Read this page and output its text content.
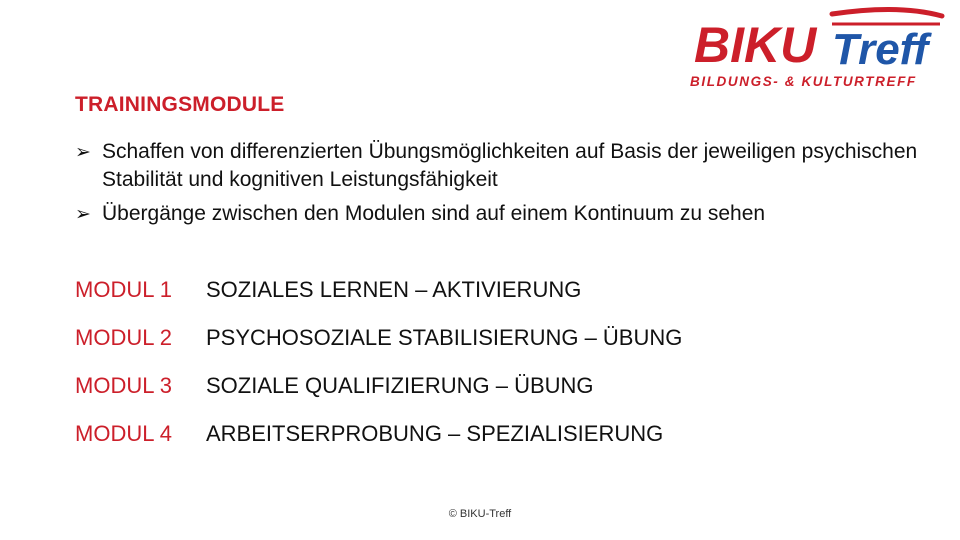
BIKU Treff
BILDUNGS- & KULTURTREFF
TRAININGSMODULE
➢ Schaffen von differenzierten Übungsmöglichkeiten auf Basis der jeweiligen psychischen Stabilität und kognitiven Leistungsfähigkeit
➢ Übergänge zwischen den Modulen sind auf einem Kontinuum zu sehen
MODUL 1 SOZIALES LERNEN – AKTIVIERUNG
MODUL 2 PSYCHOSOZIALE STABILISIERUNG – ÜBUNG
MODUL 3 SOZIALE QUALIFIZIERUNG – ÜBUNG
MODUL 4 ARBEITSERPROBUNG – SPEZIALISIERUNG
© BIKU-Treff
